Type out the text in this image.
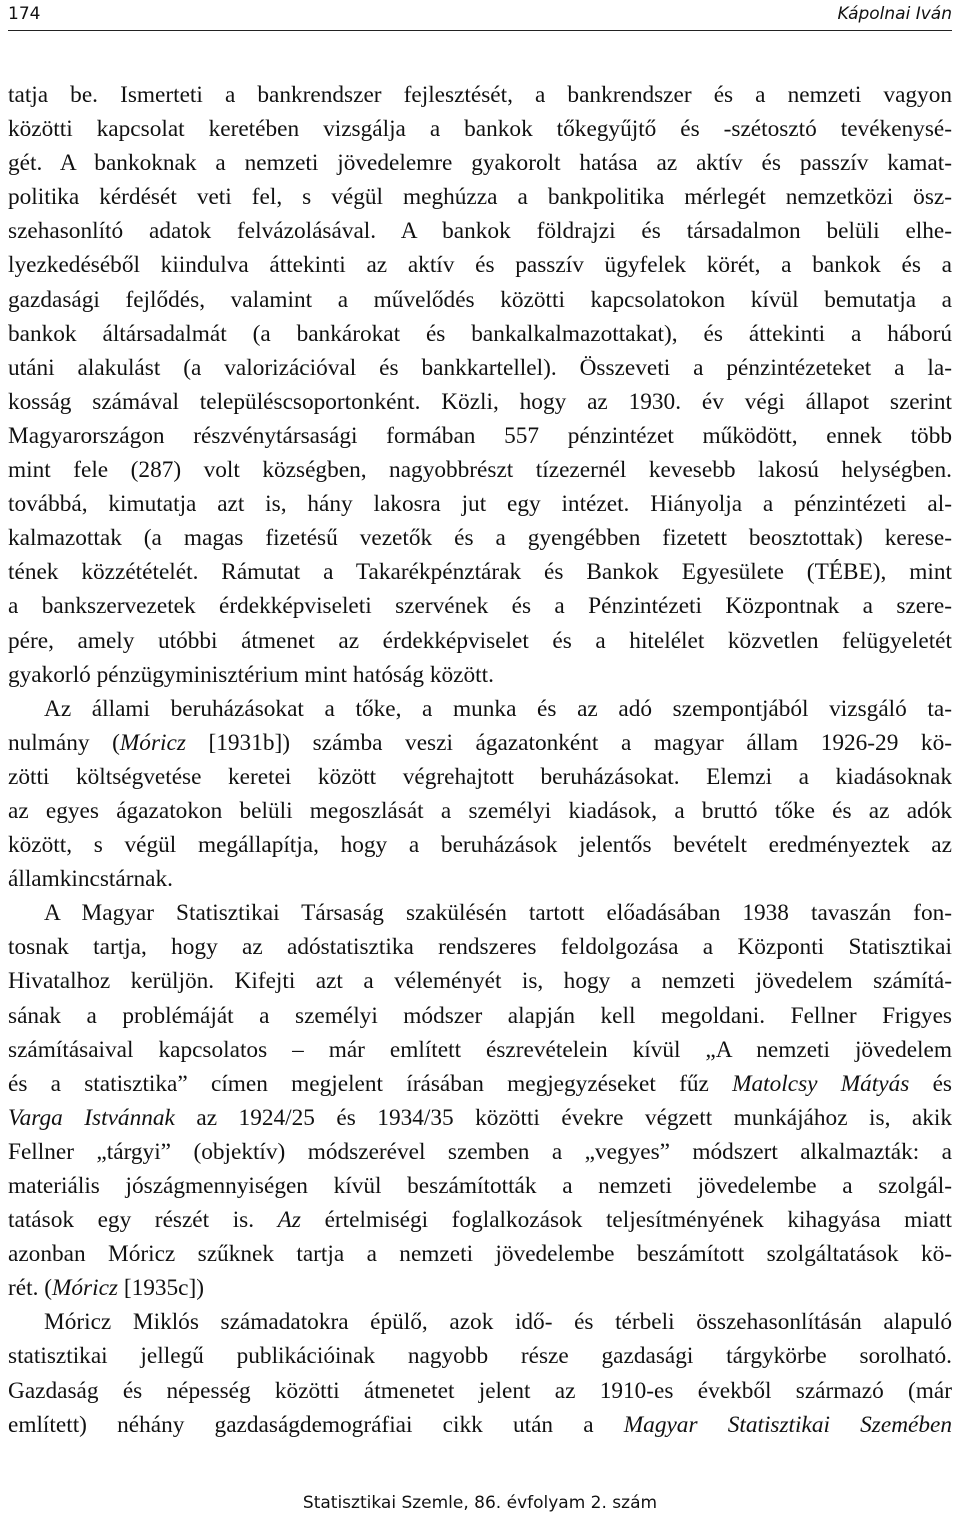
174	Kápolnai Iván
tatja be. Ismerteti a bankrendszer fejlesztését, a bankrendszer és a nemzeti vagyon
közötti kapcsolat keretében vizsgálja a bankok tőkegyűjtő és -szétosztó tevékenysé-
gét. A bankoknak a nemzeti jövedelemre gyakorolt hatása az aktív és passzív kamat-
politika kérdését veti fel, s végül meghúzza a bankpolitika mérlegét nemzetközi ösz-
szehasonlító adatok felvázolásával. A bankok földrajzi és társadalmon belüli elhe-
lyezkedéséből kiindulva áttekinti az aktív és passzív ügyfelek körét, a bankok és a
gazdasági fejlődés, valamint a művelődés közötti kapcsolatokon kívül bemutatja a
bankok áltársadalmát (a bankárokat és bankalkalmazottakat), és áttekinti a háború
utáni alakulást (a valorizációval és bankkartellel). Összeveti a pénzintézeteket a la-
kosság számával településcsoportonként. Közli, hogy az 1930. év végi állapot szerint
Magyarországon részvénytársasági formában 557 pénzintézet működött, ennek több
mint fele (287) volt községben, nagyobbrészt tízezernél kevesebb lakosú helységben.
továbbá, kimutatja azt is, hány lakosra jut egy intézet. Hiányolja a pénzintézeti al-
kalmazottak (a magas fizetésű vezetők és a gyengébben fizetett beosztottak) kerese-
tének közzétételét. Rámutat a Takarékpénztárak és Bankok Egyesülete (TÉBE), mint
a bankszervezetek érdekképviseleti szervének és a Pénzintézeti Központnak a szere-
pére, amely utóbbi átmenet az érdekképviselet és a hitelélet közvetlen felügyeletét
gyakorló pénzügyminisztérium mint hatóság között.
Az állami beruházásokat a tőke, a munka és az adó szempontjából vizsgáló ta-
nulmány (Móricz [1931b]) számba veszi ágazatonként a magyar állam 1926-29 kö-
zötti költségvetése keretei között végrehajtott beruházásokat. Elemzi a kiadásoknak
az egyes ágazatokon belüli megoszlását a személyi kiadások, a bruttó tőke és az adók
között, s végül megállapítja, hogy a beruházások jelentős bevételt eredményeztek az
államkincstárnak.
A Magyar Statisztikai Társaság szakülésén tartott előadásában 1938 tavaszán fon-
tosnak tartja, hogy az adóstatisztika rendszeres feldolgozása a Központi Statisztikai
Hivatalhoz kerüljön. Kifejti azt a véleményét is, hogy a nemzeti jövedelem számítá-
sának a problémáját a személyi módszer alapján kell megoldani. Fellner Frigyes
számításaival kapcsolatos – már említett észrevételein kívül „A nemzeti jövedelem
és a statisztika” címen megjelent írásában megjegyzéseket fűz Matolcsy Mátyás és
Varga Istvánnak az 1924/25 és 1934/35 közötti évekre végzett munkájához is, akik
Fellner „tárgyi” (objektív) módszerével szemben a „vegyes” módszert alkalmazták: a
materiális jószágmennyiségen kívül beszámították a nemzeti jövedelembe a szolgál-
tatások egy részét is. Az értelmiségi foglalkozások teljesítményének kihagyása miatt
azonban Móricz szűknek tartja a nemzeti jövedelembe beszámított szolgáltatások kö-
rét. (Móricz [1935c])
Móricz Miklós számadatokra épülő, azok idő- és térbeli összehasonlításán alapuló
statisztikai jellegű publikációinak nagyobb része gazdasági tárgykörbe sorolható.
Gazdaság és népesség közötti átmenetet jelent az 1910-es évekből származó (már
említett) néhány gazdaságdemográfiai cikk után a Magyar Statisztikai Szemében
Statisztikai Szemle, 86. évfolyam 2. szám
